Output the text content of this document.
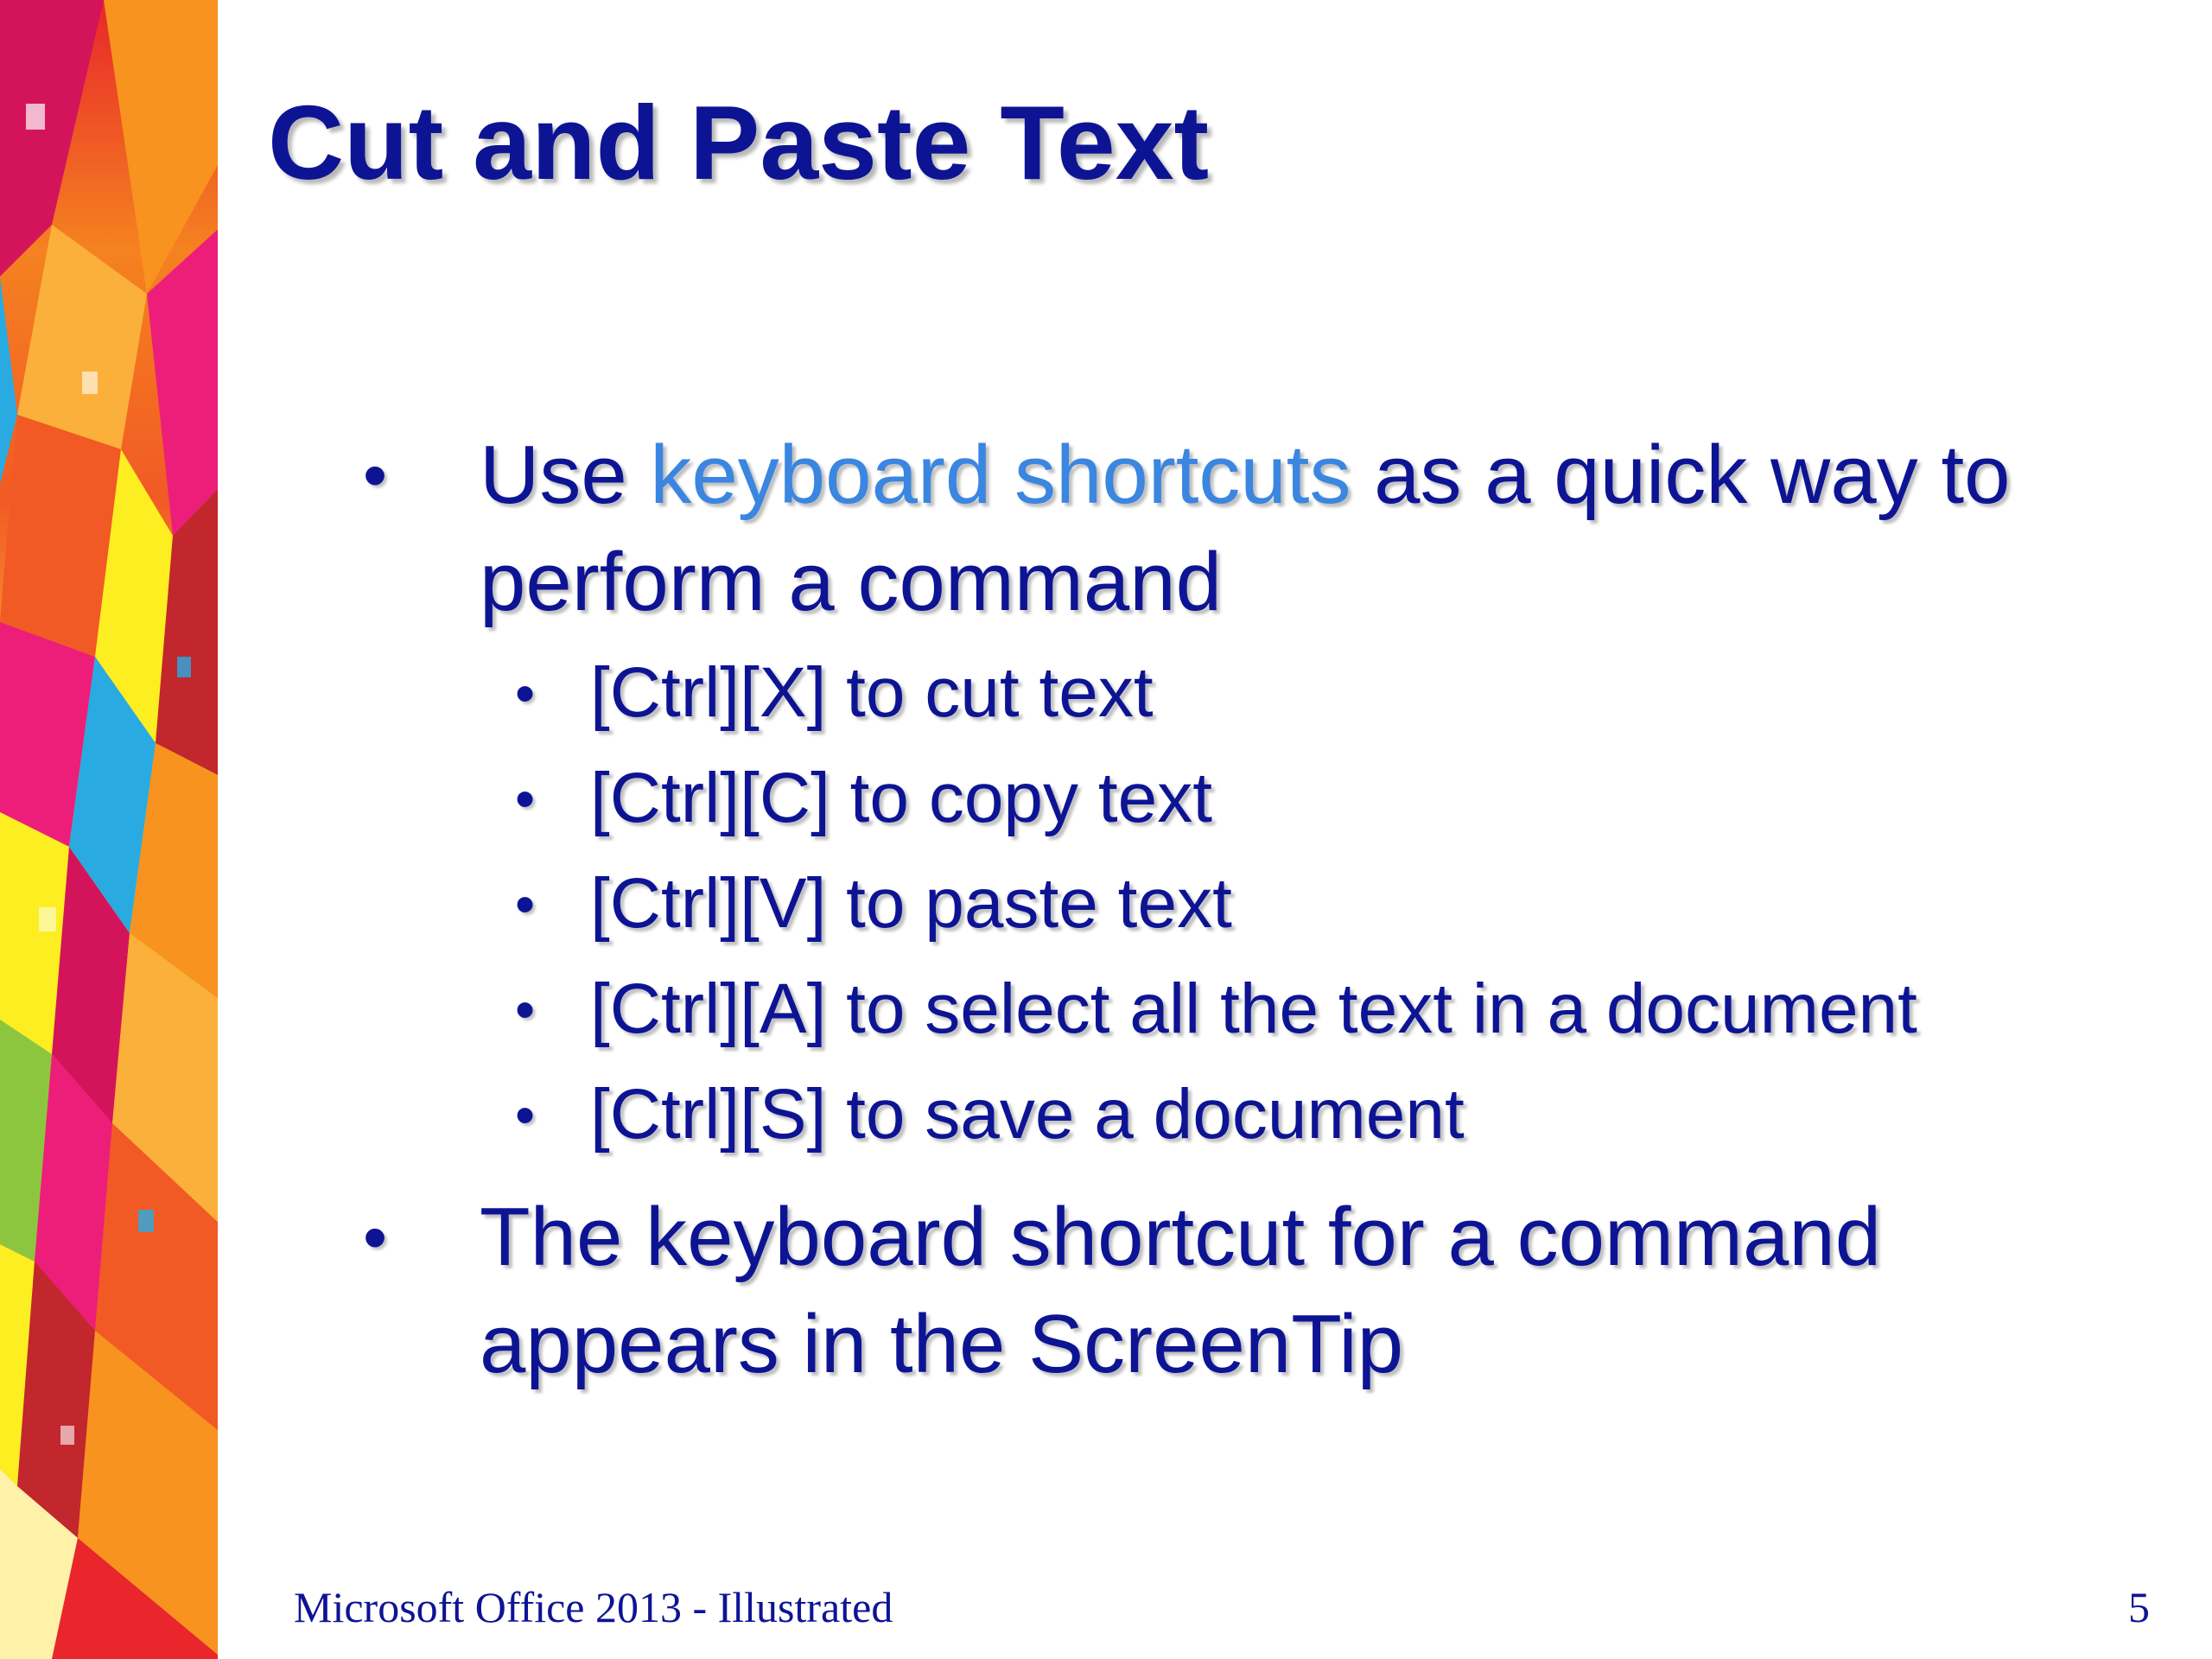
Cut and Paste Text
• Use keyboard shortcuts as a quick way to perform a command
• [Ctrl][X] to cut text
• [Ctrl][C] to copy text
• [Ctrl][V] to paste text
• [Ctrl][A] to select all the text in a document
• [Ctrl][S] to save a document
• The keyboard shortcut for a command appears in the ScreenTip
Microsoft Office 2013 - Illustrated	5
